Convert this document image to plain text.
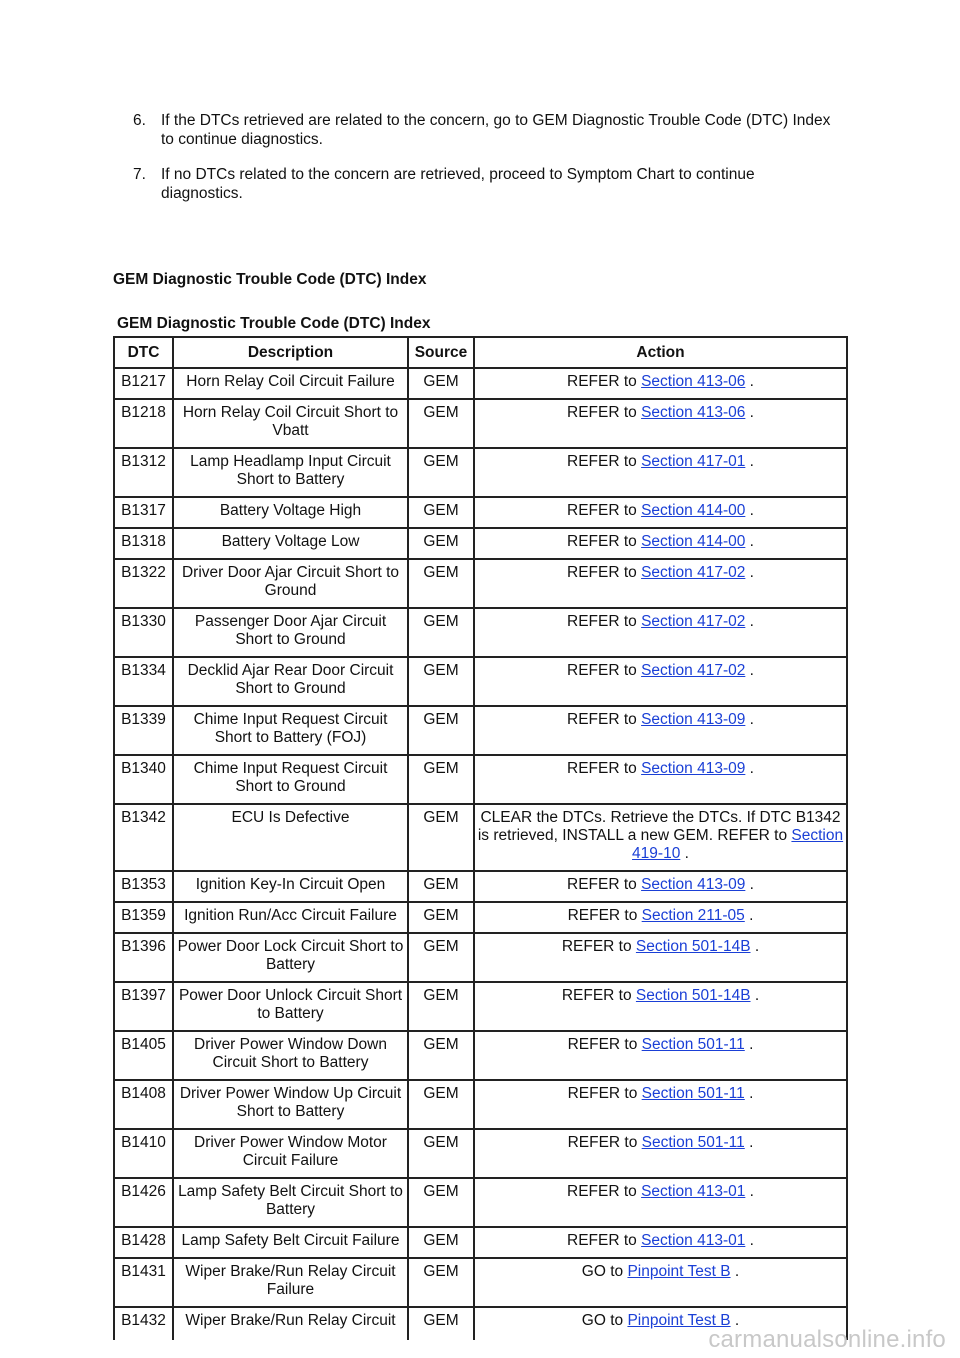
6. If the DTCs retrieved are related to the concern, go to GEM Diagnostic Trouble Code (DTC) Index to continue diagnostics.
7. If no DTCs related to the concern are retrieved, proceed to Symptom Chart to continue diagnostics.
GEM Diagnostic Trouble Code (DTC) Index
GEM Diagnostic Trouble Code (DTC) Index
DTC	Description	Source	Action
B1217	Horn Relay Coil Circuit Failure	GEM	REFER to Section 413-06 .
B1218	Horn Relay Coil Circuit Short to Vbatt	GEM	REFER to Section 413-06 .
B1312	Lamp Headlamp Input Circuit Short to Battery	GEM	REFER to Section 417-01 .
B1317	Battery Voltage High	GEM	REFER to Section 414-00 .
B1318	Battery Voltage Low	GEM	REFER to Section 414-00 .
B1322	Driver Door Ajar Circuit Short to Ground	GEM	REFER to Section 417-02 .
B1330	Passenger Door Ajar Circuit Short to Ground	GEM	REFER to Section 417-02 .
B1334	Decklid Ajar Rear Door Circuit Short to Ground	GEM	REFER to Section 417-02 .
B1339	Chime Input Request Circuit Short to Battery (FOJ)	GEM	REFER to Section 413-09 .
B1340	Chime Input Request Circuit Short to Ground	GEM	REFER to Section 413-09 .
B1342	ECU Is Defective	GEM	CLEAR the DTCs. Retrieve the DTCs. If DTC B1342 is retrieved, INSTALL a new GEM. REFER to Section 419-10 .
B1353	Ignition Key-In Circuit Open	GEM	REFER to Section 413-09 .
B1359	Ignition Run/Acc Circuit Failure	GEM	REFER to Section 211-05 .
B1396	Power Door Lock Circuit Short to Battery	GEM	REFER to Section 501-14B .
B1397	Power Door Unlock Circuit Short to Battery	GEM	REFER to Section 501-14B .
B1405	Driver Power Window Down Circuit Short to Battery	GEM	REFER to Section 501-11 .
B1408	Driver Power Window Up Circuit Short to Battery	GEM	REFER to Section 501-11 .
B1410	Driver Power Window Motor Circuit Failure	GEM	REFER to Section 501-11 .
B1426	Lamp Safety Belt Circuit Short to Battery	GEM	REFER to Section 413-01 .
B1428	Lamp Safety Belt Circuit Failure	GEM	REFER to Section 413-01 .
B1431	Wiper Brake/Run Relay Circuit Failure	GEM	GO to Pinpoint Test B .
B1432	Wiper Brake/Run Relay Circuit	GEM	GO to Pinpoint Test B .
carmanualsonline.info
